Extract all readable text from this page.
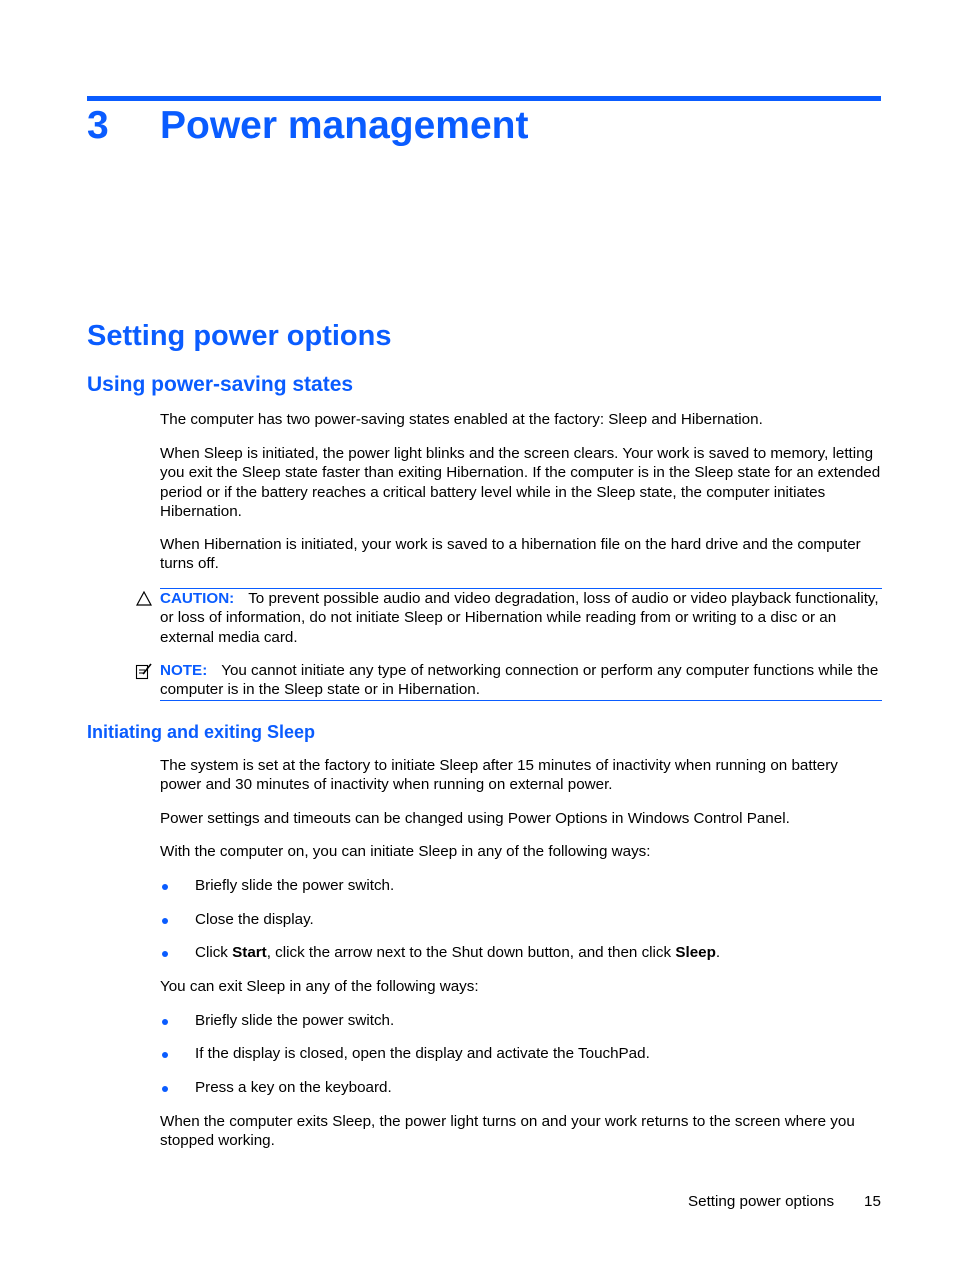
3 Power management
Setting power options
Using power-saving states

The computer has two power-saving states enabled at the factory: Sleep and Hibernation.

When Sleep is initiated, the power light blinks and the screen clears. Your work is saved to memory, letting you exit the Sleep state faster than exiting Hibernation. If the computer is in the Sleep state for an extended period or if the battery reaches a critical battery level while in the Sleep state, the computer initiates Hibernation.

When Hibernation is initiated, your work is saved to a hibernation file on the hard drive and the computer turns off.

CAUTION: To prevent possible audio and video degradation, loss of audio or video playback functionality, or loss of information, do not initiate Sleep or Hibernation while reading from or writing to a disc or an external media card.
NOTE: You cannot initiate any type of networking connection or perform any computer functions while the computer is in the Sleep state or in Hibernation.
Initiating and exiting Sleep

The system is set at the factory to initiate Sleep after 15 minutes of inactivity when running on battery power and 30 minutes of inactivity when running on external power.

Power settings and timeouts can be changed using Power Options in Windows Control Panel.

With the computer on, you can initiate Sleep in any of the following ways:

Briefly slide the power switch.
Close the display.
Click Start, click the arrow next to the Shut down button, and then click Sleep.

You can exit Sleep in any of the following ways:

Briefly slide the power switch.
If the display is closed, open the display and activate the TouchPad.
Press a key on the keyboard.

When the computer exits Sleep, the power light turns on and your work returns to the screen where you stopped working.

Setting power options 15
